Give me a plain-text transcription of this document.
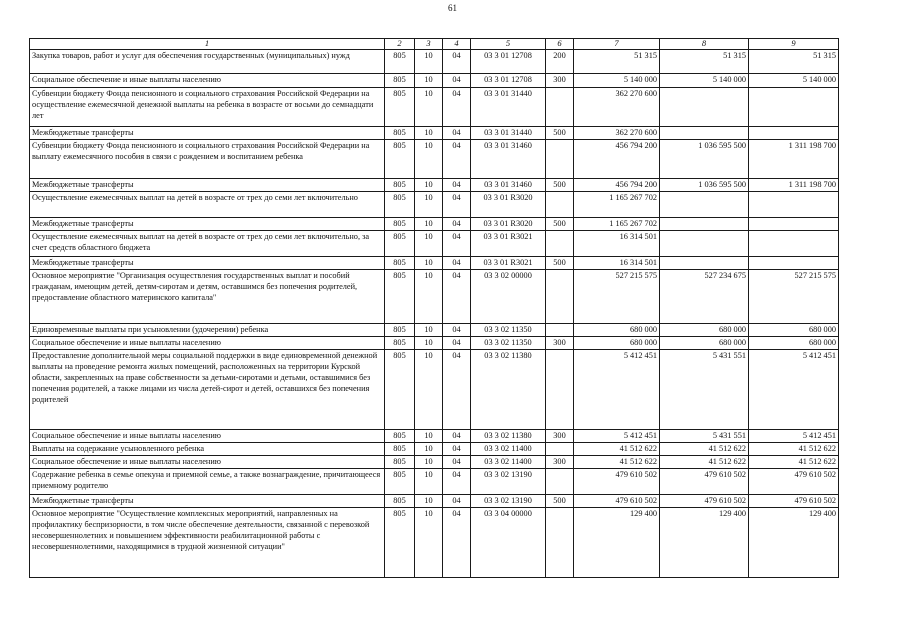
61
1	2	3	4	5	6	7	8	9
Закупка товаров, работ и услуг для обеспечения государственных (муниципальных) нужд	805	10	04	03 3 01 12708	200	51 315	51 315	51 315
Социальное обеспечение и иные выплаты населению	805	10	04	03 3 01 12708	300	5 140 000	5 140 000	5 140 000
Субвенции бюджету Фонда пенсионного и социального страхования Российской Федерации на осуществление ежемесячной денежной выплаты на ребенка в возрасте от восьми до семнадцати лет	805	10	04	03 3 01 31440		362 270 600		
Межбюджетные трансферты	805	10	04	03 3 01 31440	500	362 270 600		
Субвенции бюджету Фонда пенсионного и социального страхования Российской Федерации на выплату ежемесячного пособия в связи с рождением и воспитанием ребенка	805	10	04	03 3 01 31460		456 794 200	1 036 595 500	1 311 198 700
Межбюджетные трансферты	805	10	04	03 3 01 31460	500	456 794 200	1 036 595 500	1 311 198 700
Осуществление ежемесячных выплат на детей в возрасте от трех до семи лет включительно	805	10	04	03 3 01 R3020		1 165 267 702		
Межбюджетные трансферты	805	10	04	03 3 01 R3020	500	1 165 267 702		
Осуществление ежемесячных выплат на детей в возрасте от трех до семи лет включительно, за счет средств областного бюджета	805	10	04	03 3 01 R3021		16 314 501		
Межбюджетные трансферты	805	10	04	03 3 01 R3021	500	16 314 501		
Основное мероприятие "Организация осуществления государственных выплат и пособий гражданам, имеющим детей, детям-сиротам и детям, оставшимся без попечения родителей, предоставление областного материнского капитала"	805	10	04	03 3 02 00000		527 215 575	527 234 675	527 215 575
Единовременные выплаты при усыновлении (удочерении) ребенка	805	10	04	03 3 02 11350		680 000	680 000	680 000
Социальное обеспечение и иные выплаты населению	805	10	04	03 3 02 11350	300	680 000	680 000	680 000
Предоставление дополнительной меры социальной поддержки в виде единовременной денежной выплаты на проведение ремонта жилых помещений, расположенных на территории Курской области, закрепленных на праве собственности за детьми-сиротами и детьми, оставшимися без попечения родителей, а также лицами из числа детей-сирот и детей, оставшихся без попечения родителей	805	10	04	03 3 02 11380		5 412 451	5 431 551	5 412 451
Социальное обеспечение и иные выплаты населению	805	10	04	03 3 02 11380	300	5 412 451	5 431 551	5 412 451
Выплаты на содержание усыновленного ребенка	805	10	04	03 3 02 11400		41 512 622	41 512 622	41 512 622
Социальное обеспечение и иные выплаты населению	805	10	04	03 3 02 11400	300	41 512 622	41 512 622	41 512 622
Содержание ребенка в семье опекуна и приемной семье, а также вознаграждение, причитающееся приемному родителю	805	10	04	03 3 02 13190		479 610 502	479 610 502	479 610 502
Межбюджетные трансферты	805	10	04	03 3 02 13190	500	479 610 502	479 610 502	479 610 502
Основное мероприятие "Осуществление комплексных мероприятий, направленных на профилактику беспризорности, в том числе обеспечение деятельности, связанной с перевозкой несовершеннолетних и повышением эффективности реабилитационной работы с несовершеннолетними, находящимися в трудной жизненной ситуации"	805	10	04	03 3 04 00000		129 400	129 400	129 400
